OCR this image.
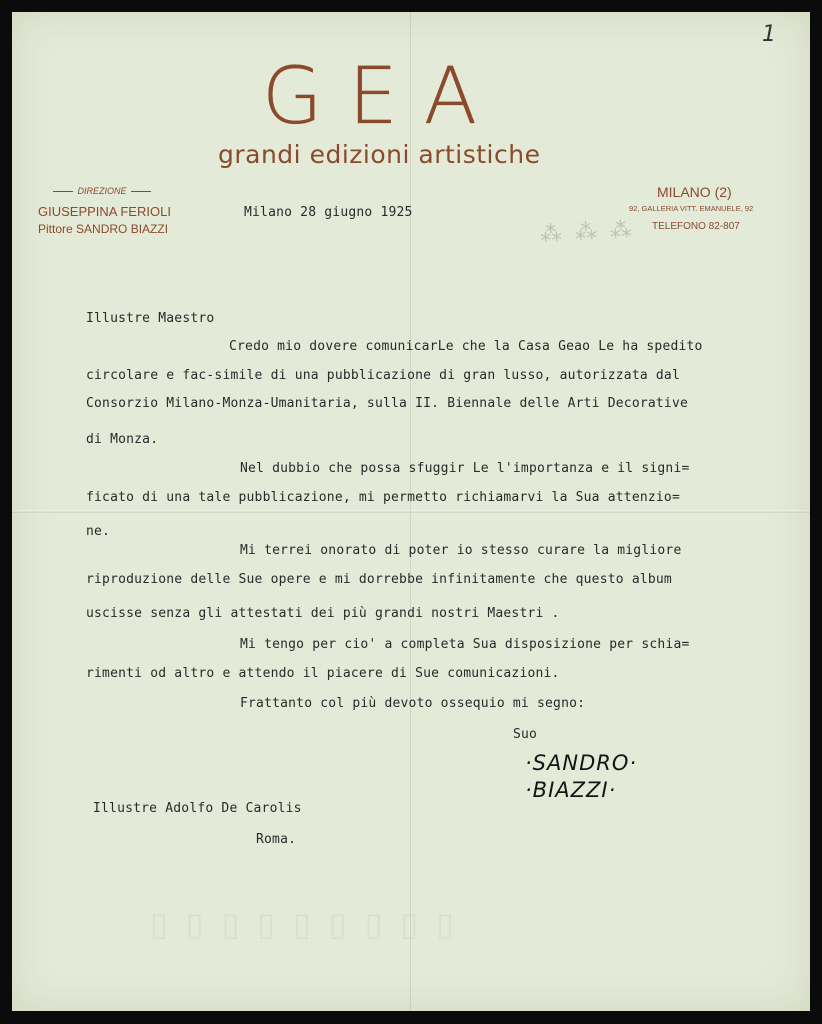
1
GEA
grandi edizioni artistiche
DIREZIONE
GIUSEPPINA FERIOLI
Pittore SANDRO BIAZZI
MILANO (2)
92, GALLERIA VITT. EMANUELE, 92
TELEFONO 82-807
⁂ ⁂ ⁂
Milano 28 giugno 1925
Illustre Maestro
Credo mio dovere comunicarLe che la Casa Geao Le ha spedito
circolare e fac-simile di una pubblicazione di gran lusso, autorizzata dal
Consorzio Milano-Monza-Umanitaria, sulla II. Biennale delle Arti Decorative
di Monza.
Nel dubbio che possa sfuggir Le l'importanza e il signi=
ficato di una tale pubblicazione, mi permetto richiamarvi la Sua attenzio=
ne.
Mi terrei onorato di poter io stesso curare la migliore
riproduzione delle Sue opere e mi dorrebbe infinitamente che questo album
uscisse senza gli attestati dei più grandi nostri Maestri .
Mi tengo per cio' a completa Sua disposizione per schia=
rimenti od altro e attendo il piacere di Sue comunicazioni.
Frattanto col più devoto ossequio mi segno:
Suo
·SANDRO·
·BIAZZI·
Illustre Adolfo De Carolis
Roma.
▯ ▯ ▯ ▯ ▯ ▯ ▯ ▯ ▯
